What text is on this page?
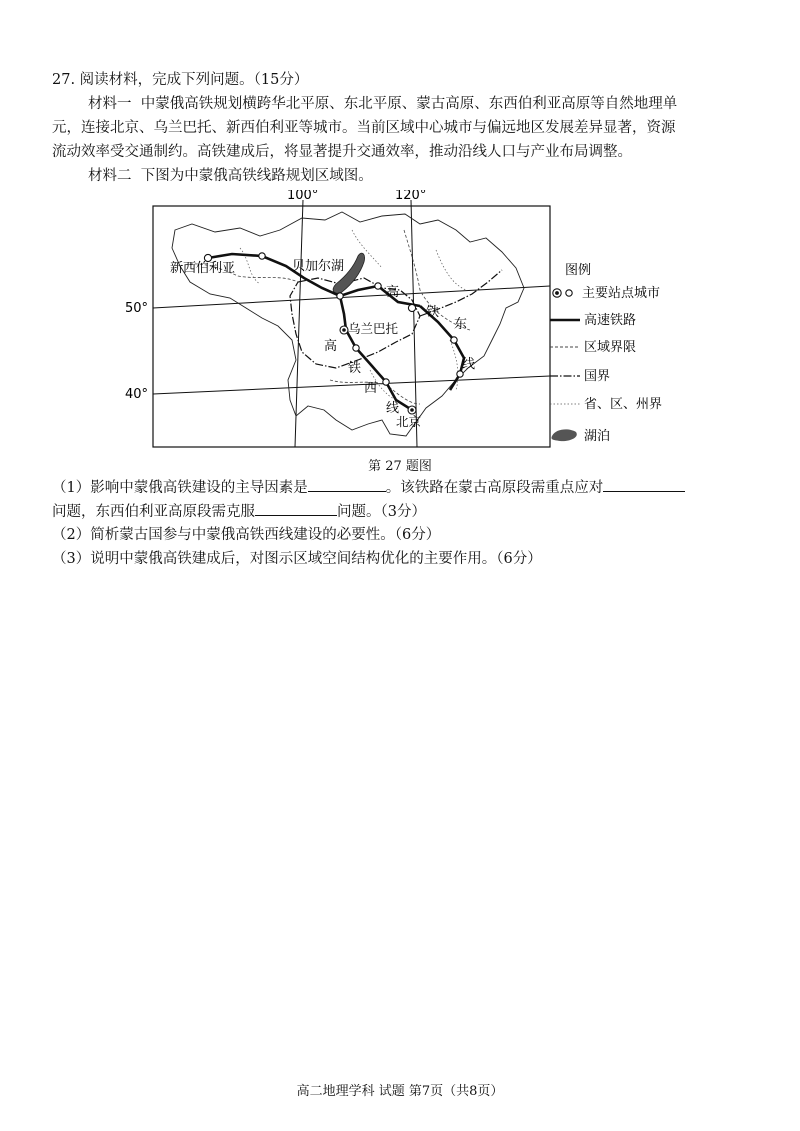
27. 阅读材料，完成下列问题。（15分）
材料一 中蒙俄高铁规划横跨华北平原、东北平原、蒙古高原、东西伯利亚高原等自然地理单
元，连接北京、乌兰巴托、新西伯利亚等城市。当前区域中心城市与偏远地区发展差异显著，资源
流动效率受交通制约。高铁建成后，将显著提升交通效率，推动沿线人口与产业布局调整。
材料二 下图为中蒙俄高铁线路规划区域图。
100°	120°
50°
40°
新西伯利亚	贝加尔湖
乌兰巴托
北京
高
铁
东
线
高
铁
西
线
图例
主要站点城市
高速铁路
区域界限
国界
省、区、州界
湖泊
第 27 题图
（1）影响中蒙俄高铁建设的主导因素是	。该铁路在蒙古高原段需重点应对
问题，东西伯利亚高原段需克服	问题。（3分）
（2）简析蒙古国参与中蒙俄高铁西线建设的必要性。（6分）
（3）说明中蒙俄高铁建成后，对图示区域空间结构优化的主要作用。（6分）
高二地理学科 试题 第7页（共8页）
